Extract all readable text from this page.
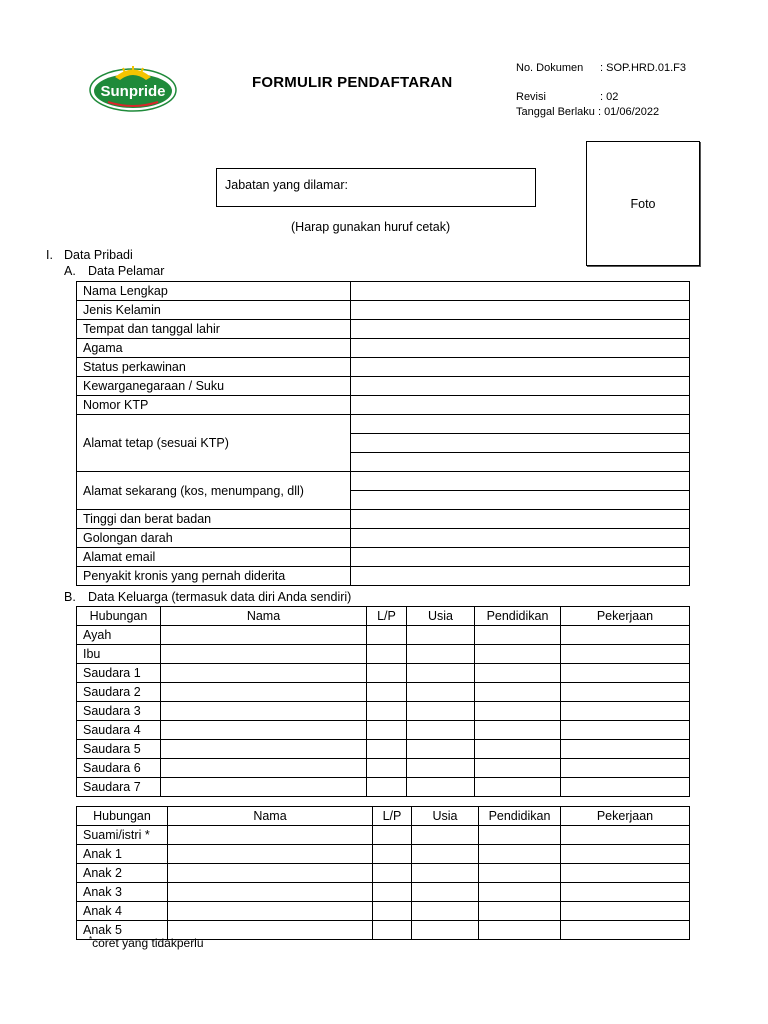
Sunpride
FORMULIR PENDAFTARAN
No. Dokumen : SOP.HRD.01.F3
Revisi	: 02
Tanggal Berlaku : 01/06/2022
Jabatan yang dilamar:
Foto
(Harap gunakan huruf cetak)
I. Data Pribadi
A. Data Pelamar
Nama Lengkap	
Jenis Kelamin	
Tempat dan tanggal lahir	
Agama	
Status perkawinan	
Kewarganegaraan / Suku	
Nomor KTP	
Alamat tetap (sesuai KTP)	

Alamat sekarang (kos, menumpang, dll)	

Tinggi dan berat badan	
Golongan darah	
Alamat email	
Penyakit kronis yang pernah diderita	
B. Data Keluarga (termasuk data diri Anda sendiri)
Hubungan	Nama	L/P	Usia	Pendidikan	Pekerjaan
Ayah					
Ibu					
Saudara 1					
Saudara 2					
Saudara 3					
Saudara 4					
Saudara 5					
Saudara 6					
Saudara 7					
Hubungan	Nama	L/P	Usia	Pendidikan	Pekerjaan
Suami/istri *					
Anak 1					
Anak 2					
Anak 3					
Anak 4					
Anak 5					
*coret yang tidakperlu
